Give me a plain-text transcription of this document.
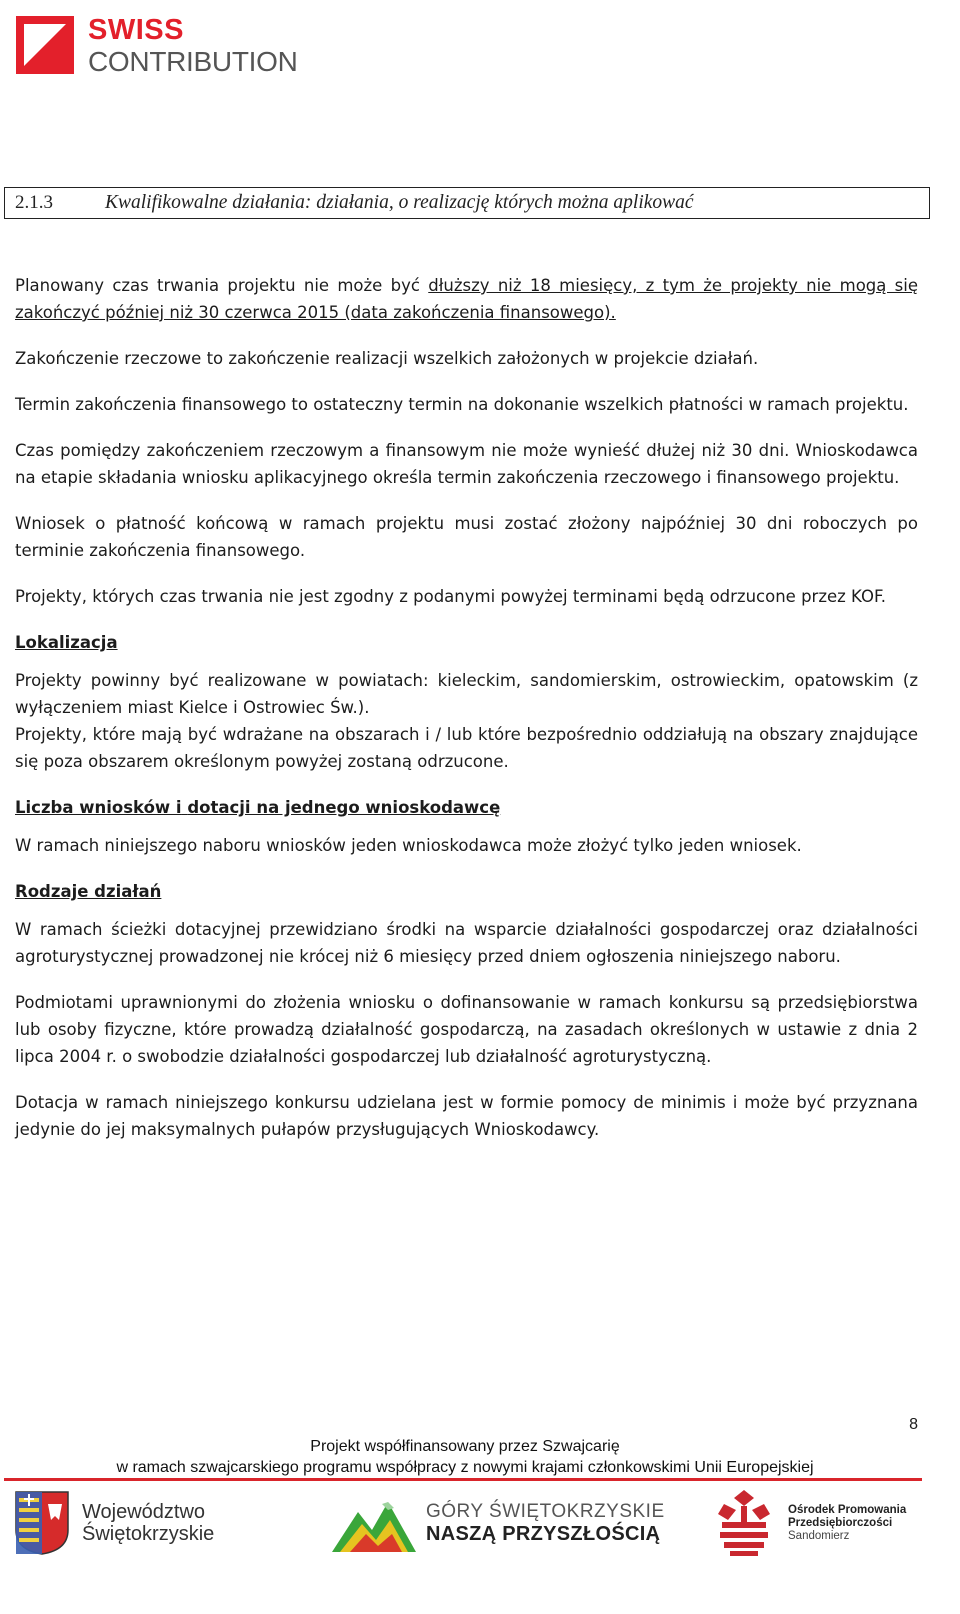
SWISS
CONTRIBUTION
2.1.3	Kwalifikowalne działania: działania, o realizację których można aplikować

Planowany czas trwania projektu nie może być dłuższy niż 18 miesięcy, z tym że projekty nie mogą się zakończyć później niż 30 czerwca 2015 (data zakończenia finansowego).

Zakończenie rzeczowe to zakończenie realizacji wszelkich założonych w projekcie działań.

Termin zakończenia finansowego to ostateczny termin na dokonanie wszelkich płatności w ramach projektu.

Czas pomiędzy zakończeniem rzeczowym a finansowym nie może wynieść dłużej niż 30 dni. Wnioskodawca na etapie składania wniosku aplikacyjnego określa termin zakończenia rzeczowego i finansowego projektu.

Wniosek o płatność końcową w ramach projektu musi zostać złożony najpóźniej 30 dni roboczych po terminie zakończenia finansowego.

Projekty, których czas trwania nie jest zgodny z podanymi powyżej terminami będą odrzucone przez KOF.

Lokalizacja

Projekty powinny być realizowane w powiatach: kieleckim, sandomierskim, ostrowieckim, opatowskim (z wyłączeniem miast Kielce i Ostrowiec Św.).

Projekty, które mają być wdrażane na obszarach i / lub które bezpośrednio oddziałują na obszary znajdujące się poza obszarem określonym powyżej zostaną odrzucone.

Liczba wniosków i dotacji na jednego wnioskodawcę

W ramach niniejszego naboru wniosków jeden wnioskodawca może złożyć tylko jeden wniosek.

Rodzaje działań

W ramach ścieżki dotacyjnej przewidziano środki na wsparcie działalności gospodarczej oraz działalności agroturystycznej prowadzonej nie krócej niż 6 miesięcy przed dniem ogłoszenia niniejszego naboru.

Podmiotami uprawnionymi do złożenia wniosku o dofinansowanie w ramach konkursu są przedsiębiorstwa lub osoby fizyczne, które prowadzą działalność gospodarczą, na zasadach określonych w ustawie z dnia 2 lipca 2004 r. o swobodzie działalności gospodarczej lub działalność agroturystyczną.

Dotacja w ramach niniejszego konkursu udzielana jest w formie pomocy de minimis i może być przyznana jedynie do jej maksymalnych pułapów przysługujących Wnioskodawcy.

8
Projekt współfinansowany przez Szwajcarię
w ramach szwajcarskiego programu współpracy z nowymi krajami członkowskimi Unii Europejskiej
Województwo
Świętokrzyskie
GÓRY ŚWIĘTOKRZYSKIE
NASZĄ PRZYSZŁOŚCIĄ
Ośrodek Promowania
Przedsiębiorczości
Sandomierz
